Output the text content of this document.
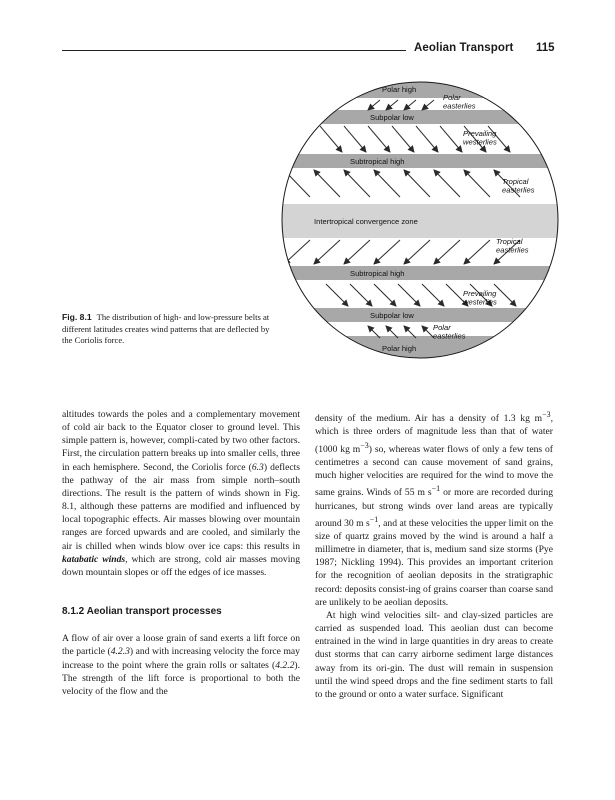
Aeolian Transport 115
Polar high
Subpolar low
Subtropical high
Intertropical convergence zone
Subtropical high
Subpolar low
Polar high
Polar easterlies
Prevailing westerlies
Tropical easterlies
Tropical easterlies
Prevailing westerlies
Polar easterlies
Fig. 8.1 The distribution of high- and low-pressure belts at different latitudes creates wind patterns that are deflected by the Coriolis force.

altitudes towards the poles and a complementary movement of cold air back to the Equator closer to ground level. This simple pattern is, however, compli-cated by two other factors. First, the circulation pattern breaks up into smaller cells, three in each hemisphere. Second, the Coriolis force (6.3) deflects the pathway of the air mass from simple north–south directions. The result is the pattern of winds shown in Fig. 8.1, although these patterns are modified and influenced by local topographic effects. Air masses blowing over mountain ranges are forced upwards and are cooled, and similarly the air is chilled when winds blow over ice caps: this results in katabatic winds, which are strong, cold air masses moving down mountain slopes or off the edges of ice masses.

8.1.2 Aeolian transport processes

A flow of air over a loose grain of sand exerts a lift force on the particle (4.2.3) and with increasing velocity the force may increase to the point where the grain rolls or saltates (4.2.2). The strength of the lift force is proportional to both the velocity of the flow and the

density of the medium. Air has a density of 1.3 kg $m^{-3}$, which is three orders of magnitude less than that of water (1000 kg $m^{-3}$) so, whereas water flows of only a few tens of centimetres a second can cause movement of sand grains, much higher velocities are required for the wind to move the same grains. Winds of 55 m $s^{-1}$ or more are recorded during hurricanes, but strong winds over land areas are typically around 30 m $s^{-1}$, and at these velocities the upper limit on the size of quartz grains moved by the wind is around a half a millimetre in diameter, that is, medium sand size storms (Pye 1987; Nickling 1994). This provides an important criterion for the recognition of aeolian deposits in the stratigraphic record: deposits consist-ing of grains coarser than coarse sand are unlikely to be aeolian deposits.

At high wind velocities silt- and clay-sized particles are carried as suspended load. This aeolian dust can become entrained in the wind in large quantities in dry areas to create dust storms that can carry airborne sediment large distances away from its ori-gin. The dust will remain in suspension until the wind speed drops and the fine sediment starts to fall to the ground or onto a water surface. Significant
